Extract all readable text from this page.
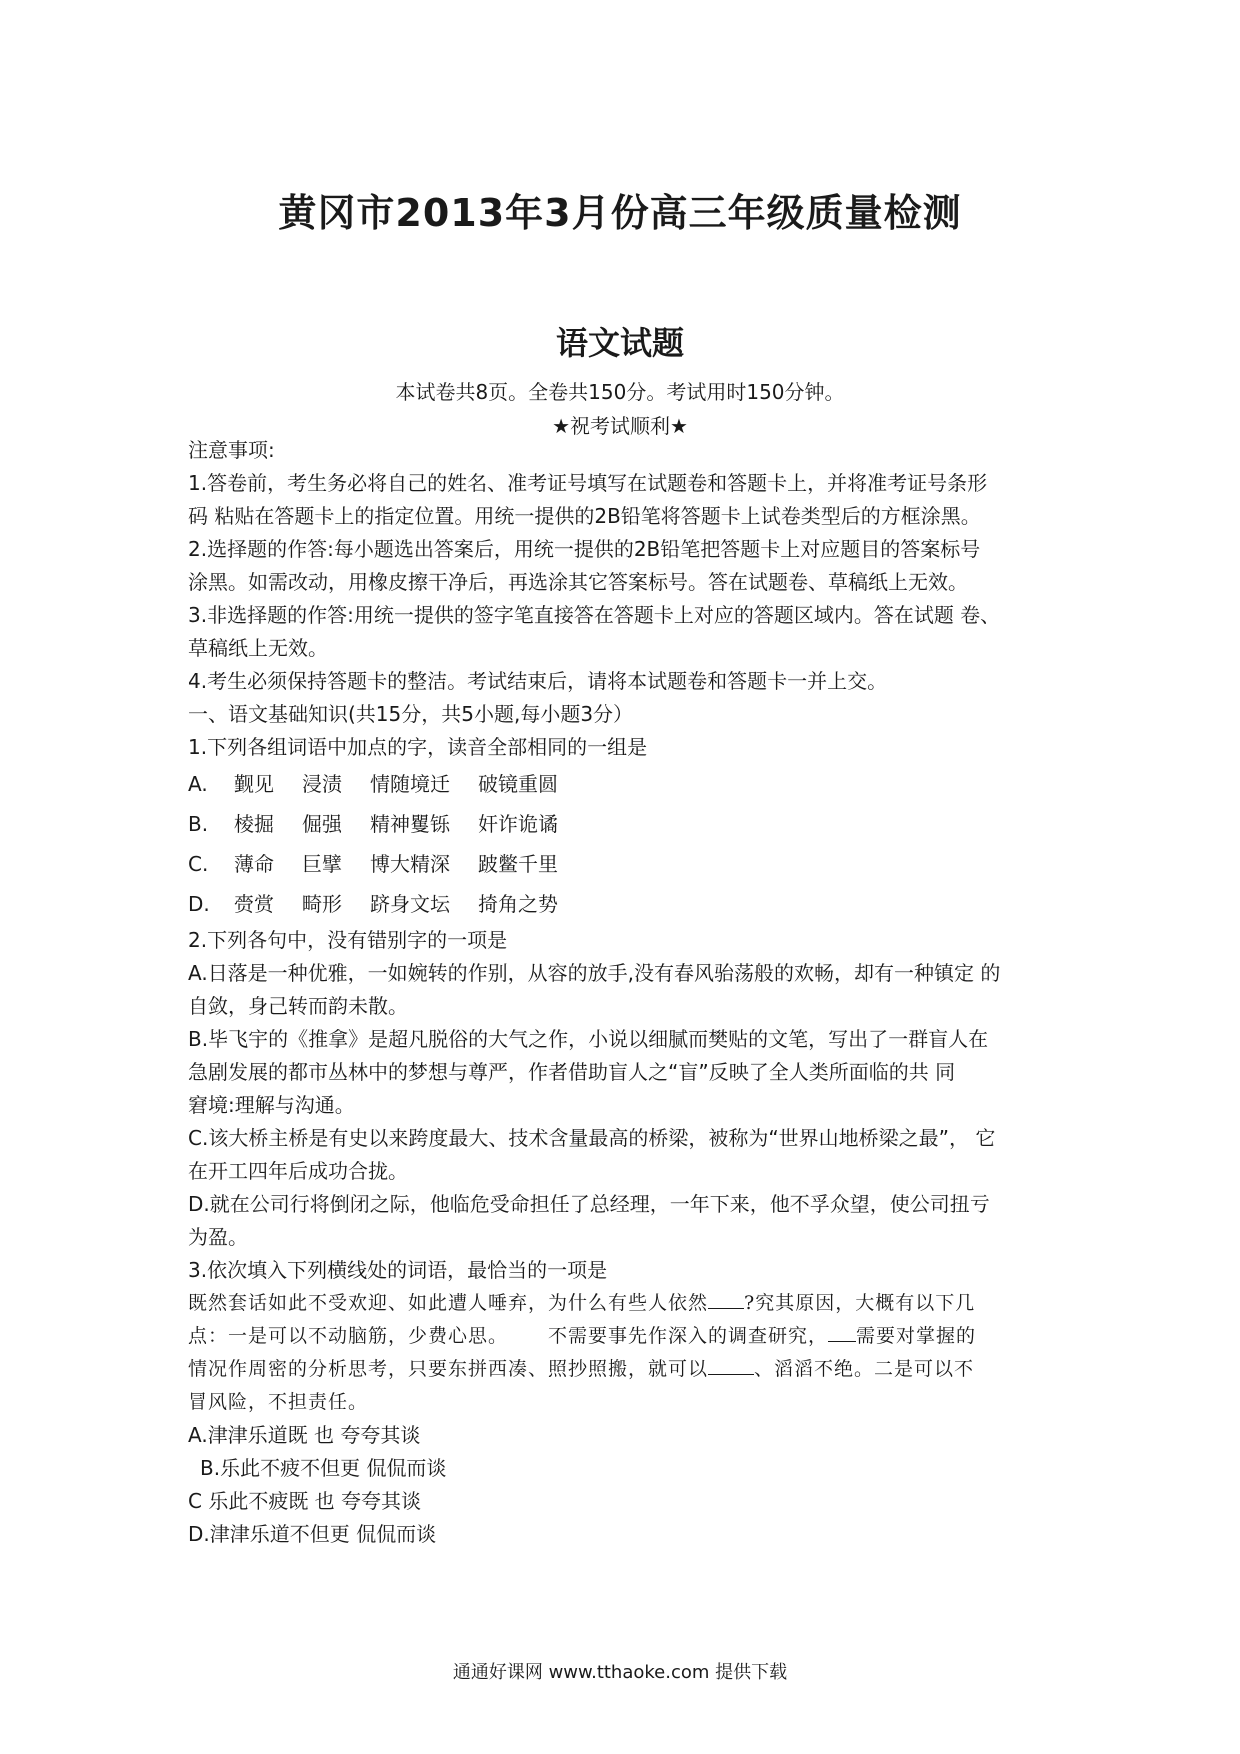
黄冈市2013年3月份高三年级质量检测
语文试题
本试卷共8页。全卷共150分。考试用时150分钟。
★祝考试顺利★
注意事项:
1.答卷前，考生务必将自己的姓名、准考证号填写在试题卷和答题卡上，并将准考证号条形
码 粘贴在答题卡上的指定位置。用统一提供的2B铅笔将答题卡上试卷类型后的方框涂黑。
2.选择题的作答:每小题选出答案后，用统一提供的2B铅笔把答题卡上对应题目的答案标号
涂黑。如需改动，用橡皮擦干净后，再选涂其它答案标号。答在试题卷、草稿纸上无效。
3.非选择题的作答:用统一提供的签字笔直接答在答题卡上对应的答题区域内。答在试题 卷、
草稿纸上无效。
4.考生必须保持答题卡的整洁。考试结束后，请将本试题卷和答题卡一并上交。
一、语文基础知识(共15分，共5小题,每小题3分）
1.下列各组词语中加点的字，读音全部相同的一组是
A.	觐见 浸渍 情随境迁 破镜重圆
B.	棱掘 倔强 精神矍铄 奸诈诡谲
C.	薄命 巨擘 博大精深 跛鳖千里
D.	赍赏 畸形 跻身文坛 掎角之势
2.下列各句中，没有错别字的一项是
A.日落是一种优雅，一如婉转的作别，从容的放手,没有春风骀荡般的欢畅，却有一种镇定 的
自敛，身己转而韵未散。
B.毕飞宇的《推拿》是超凡脱俗的大气之作，小说以细腻而樊贴的文笔，写出了一群盲人在
急剧发展的都市丛林中的梦想与尊严，作者借助盲人之“盲”反映了全人类所面临的共 同
窘境:理解与沟通。
C.该大桥主桥是有史以来跨度最大、技术含量最高的桥梁，被称为“世界山地桥梁之最”， 它
在开工四年后成功合拢。
D.就在公司行将倒闭之际，他临危受命担任了总经理，一年下来，他不孚众望，使公司扭亏
为盈。
3.依次填入下列横线处的词语，最恰当的一项是
既然套话如此不受欢迎、如此遭人唾弃，为什么有些人依然 ?究其原因，大概有以下几
点：一是可以不动脑筋，少费心思。 不需要事先作深入的调查研究， 需要对掌握的
情况作周密的分析思考，只要东拼西凑、照抄照搬，就可以 、滔滔不绝。二是可以不
冒风险，不担责任。
A.津津乐道既 也 夸夸其谈
B.乐此不疲不但更 侃侃而谈
C 乐此不疲既 也 夸夸其谈
D.津津乐道不但更 侃侃而谈
通通好课网 www.tthaoke.com 提供下载
